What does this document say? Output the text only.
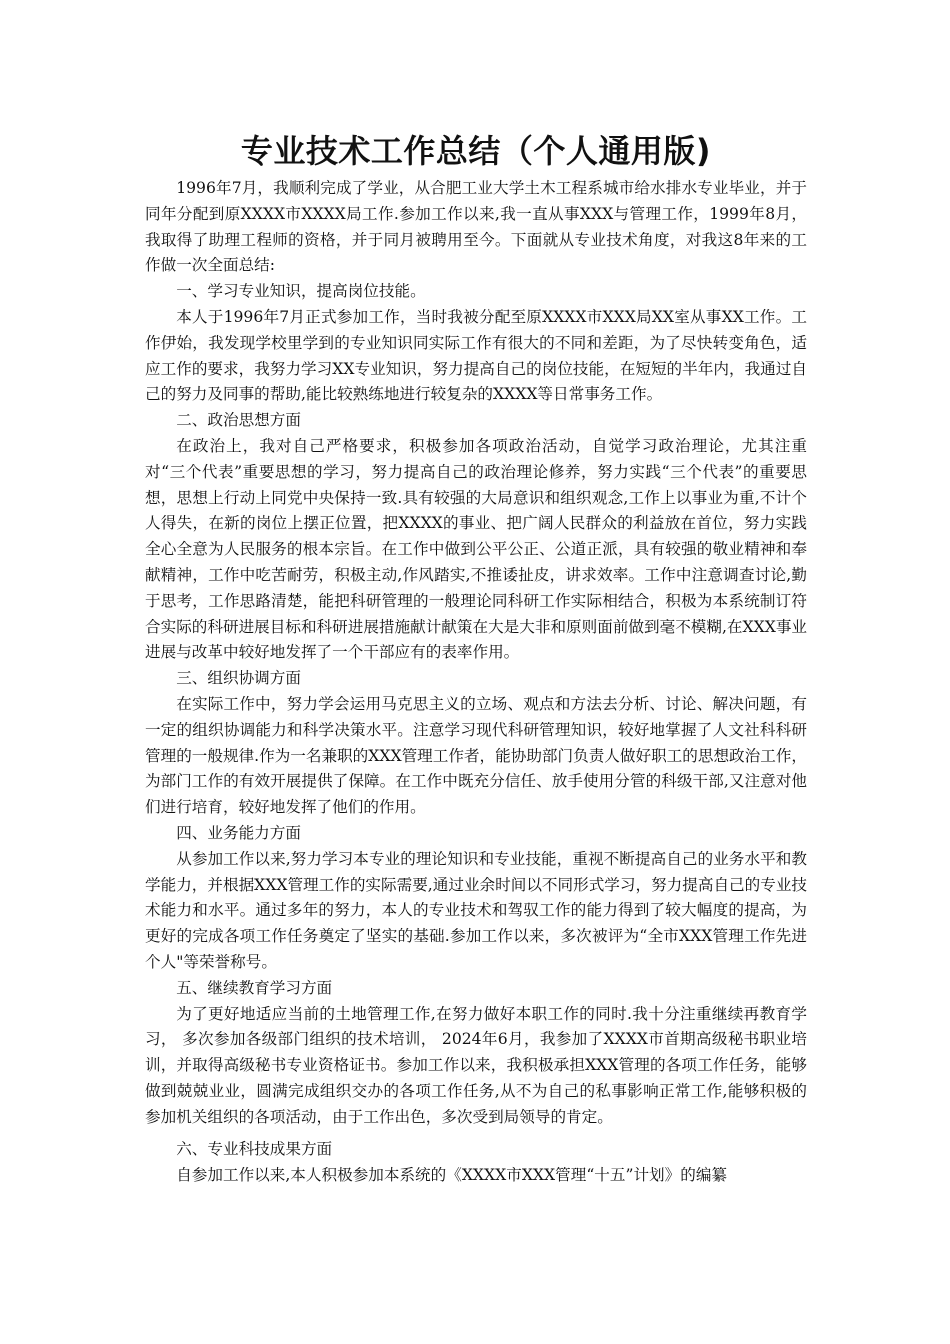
专业技术工作总结（个人通用版)

1996年7月，我顺利完成了学业，从合肥工业大学土木工程系城市给水排水专业毕业，并于同年分配到原XXXX市XXXX局工作.参加工作以来,我一直从事XXX与管理工作，1999年8月，我取得了助理工程师的资格，并于同月被聘用至今。下面就从专业技术角度，对我这8年来的工作做一次全面总结:

一、学习专业知识，提高岗位技能。

本人于1996年7月正式参加工作，当时我被分配至原XXXX市XXX局XX室从事XX工作。工作伊始，我发现学校里学到的专业知识同实际工作有很大的不同和差距，为了尽快转变角色，适应工作的要求，我努力学习XX专业知识，努力提高自己的岗位技能，在短短的半年内，我通过自己的努力及同事的帮助,能比较熟练地进行较复杂的XXXX等日常事务工作。

二、政治思想方面

在政治上，我对自己严格要求，积极参加各项政治活动，自觉学习政治理论，尤其注重对“三个代表”重要思想的学习，努力提高自己的政治理论修养，努力实践“三个代表”的重要思想，思想上行动上同党中央保持一致.具有较强的大局意识和组织观念,工作上以事业为重,不计个人得失，在新的岗位上摆正位置，把XXXX的事业、把广阔人民群众的利益放在首位，努力实践全心全意为人民服务的根本宗旨。在工作中做到公平公正、公道正派，具有较强的敬业精神和奉献精神，工作中吃苦耐劳，积极主动,作风踏实,不推诿扯皮，讲求效率。工作中注意调查讨论,勤于思考，工作思路清楚，能把科研管理的一般理论同科研工作实际相结合，积极为本系统制订符合实际的科研进展目标和科研进展措施献计献策在大是大非和原则面前做到毫不模糊,在XXX事业进展与改革中较好地发挥了一个干部应有的表率作用。

三、组织协调方面

在实际工作中，努力学会运用马克思主义的立场、观点和方法去分析、讨论、解决问题，有一定的组织协调能力和科学决策水平。注意学习现代科研管理知识，较好地掌握了人文社科科研管理的一般规律.作为一名兼职的XXX管理工作者，能协助部门负责人做好职工的思想政治工作，为部门工作的有效开展提供了保障。在工作中既充分信任、放手使用分管的科级干部,又注意对他们进行培育，较好地发挥了他们的作用。

四、业务能力方面

从参加工作以来,努力学习本专业的理论知识和专业技能，重视不断提高自己的业务水平和教学能力，并根据XXX管理工作的实际需要,通过业余时间以不同形式学习，努力提高自己的专业技术能力和水平。通过多年的努力，本人的专业技术和驾驭工作的能力得到了较大幅度的提高，为更好的完成各项工作任务奠定了坚实的基础.参加工作以来，多次被评为“全市XXX管理工作先进个人"等荣誉称号。

五、继续教育学习方面

为了更好地适应当前的土地管理工作,在努力做好本职工作的同时.我十分注重继续再教育学习， 多次参加各级部门组织的技术培训， 2024年6月，我参加了XXXX市首期高级秘书职业培训，并取得高级秘书专业资格证书。参加工作以来，我积极承担XXX管理的各项工作任务，能够做到兢兢业业，圆满完成组织交办的各项工作任务,从不为自己的私事影响正常工作,能够积极的参加机关组织的各项活动，由于工作出色，多次受到局领导的肯定。

六、专业科技成果方面

自参加工作以来,本人积极参加本系统的《XXXX市XXX管理“十五”计划》的编纂
